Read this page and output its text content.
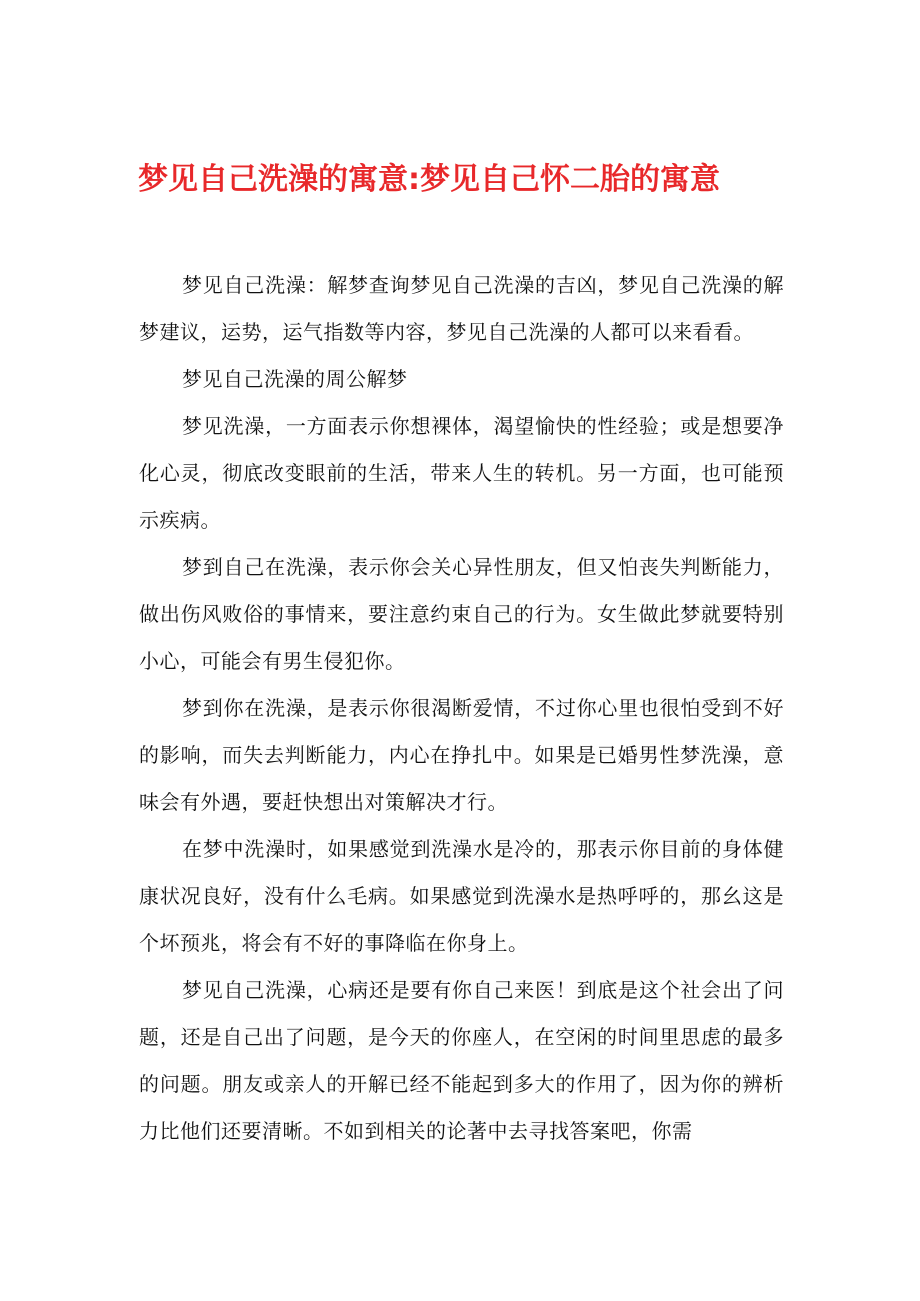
梦见自己洗澡的寓意:梦见自己怀二胎的寓意

梦见自己洗澡：解梦查询梦见自己洗澡的吉凶，梦见自己洗澡的解梦建议，运势，运气指数等内容，梦见自己洗澡的人都可以来看看。

梦见自己洗澡的周公解梦

梦见洗澡，一方面表示你想裸体，渴望愉快的性经验；或是想要净化心灵，彻底改变眼前的生活，带来人生的转机。另一方面，也可能预示疾病。

梦到自己在洗澡，表示你会关心异性朋友，但又怕丧失判断能力，做出伤风败俗的事情来，要注意约束自己的行为。女生做此梦就要特别小心，可能会有男生侵犯你。

梦到你在洗澡，是表示你很渴断爱情，不过你心里也很怕受到不好的影响，而失去判断能力，内心在挣扎中。如果是已婚男性梦洗澡，意味会有外遇，要赶快想出对策解决才行。

在梦中洗澡时，如果感觉到洗澡水是冷的，那表示你目前的身体健康状况良好，没有什么毛病。如果感觉到洗澡水是热呼呼的，那幺这是个坏预兆，将会有不好的事降临在你身上。

梦见自己洗澡，心病还是要有你自己来医！到底是这个社会出了问题，还是自己出了问题，是今天的你座人，在空闲的时间里思虑的最多的问题。朋友或亲人的开解已经不能起到多大的作用了，因为你的辨析力比他们还要清晰。不如到相关的论著中去寻找答案吧，你需
